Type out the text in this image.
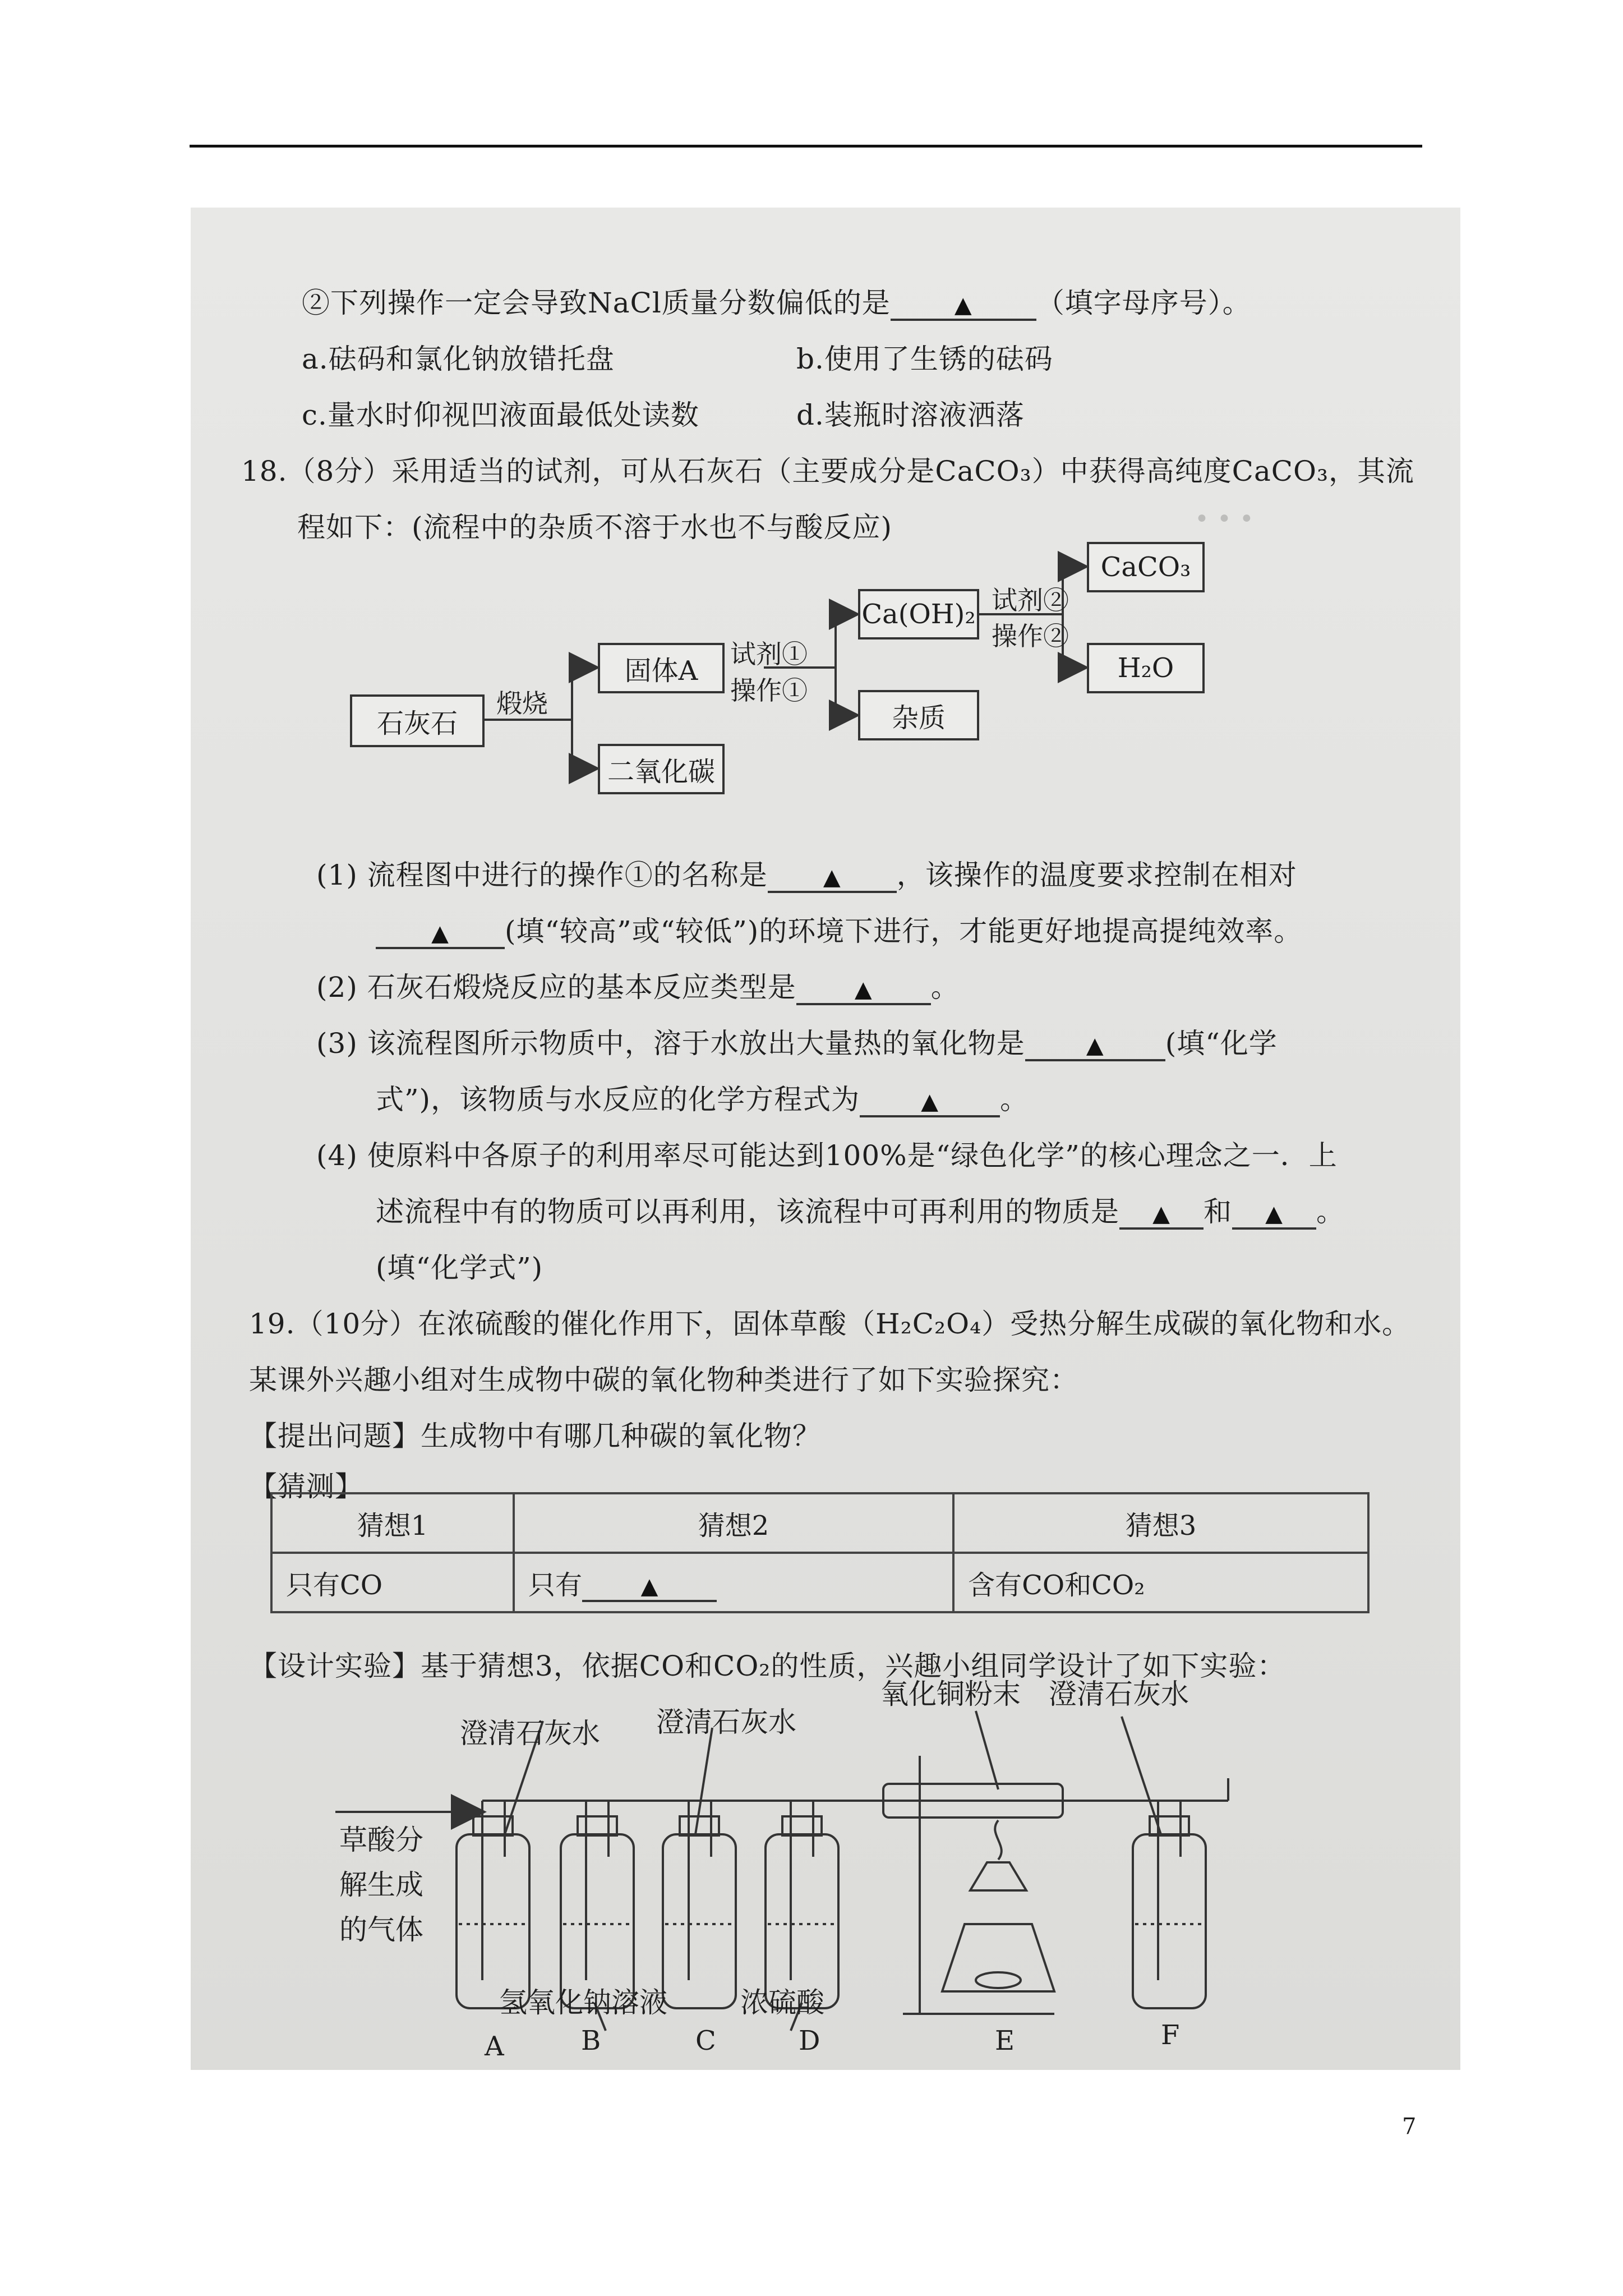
• • •
②下列操作一定会导致NaCl质量分数偏低的是	▲ （填字母序号）。
a.砝码和氯化钠放错托盘	b.使用了生锈的砝码
c.量水时仰视凹液面最低处读数	d.装瓶时溶液洒落
18.（8分）采用适当的试剂，可从石灰石（主要成分是CaCO₃）中获得高纯度CaCO₃，其流
程如下：(流程中的杂质不溶于水也不与酸反应)
石灰石
煅烧
固体A
二氧化碳
试剂①
操作①
Ca(OH)₂
杂质
试剂②
操作②
CaCO₃
H₂O
(1) 流程图中进行的操作①的名称是 ▲ ，该操作的温度要求控制在相对
▲ (填“较高”或“较低”)的环境下进行，才能更好地提高提纯效率。
(2) 石灰石煅烧反应的基本反应类型是	▲ 。
(3) 该流程图所示物质中，溶于水放出大量热的氧化物是	▲ (填“化学
式”)，该物质与水反应的化学方程式为	▲ 。
(4) 使原料中各原子的利用率尽可能达到100%是“绿色化学”的核心理念之一．上
述流程中有的物质可以再利用，该流程中可再利用的物质是 ▲ 和 ▲ 。
(填“化学式”)
19.（10分）在浓硫酸的催化作用下，固体草酸（H₂C₂O₄）受热分解生成碳的氧化物和水。
某课外兴趣小组对生成物中碳的氧化物种类进行了如下实验探究：
【提出问题】生成物中有哪几种碳的氧化物？
【猜测】
猜想1	猜想2	猜想3
只有CO	只有 ▲	含有CO和CO₂
【设计实验】基于猜想3，依据CO和CO₂的性质，兴趣小组同学设计了如下实验：
草酸分
解生成
的气体
澄清石灰水 澄清石灰水
氧化铜粉末 澄清石灰水
氢氧化钠溶液	浓硫酸
A	B	C	D	E	F
7
